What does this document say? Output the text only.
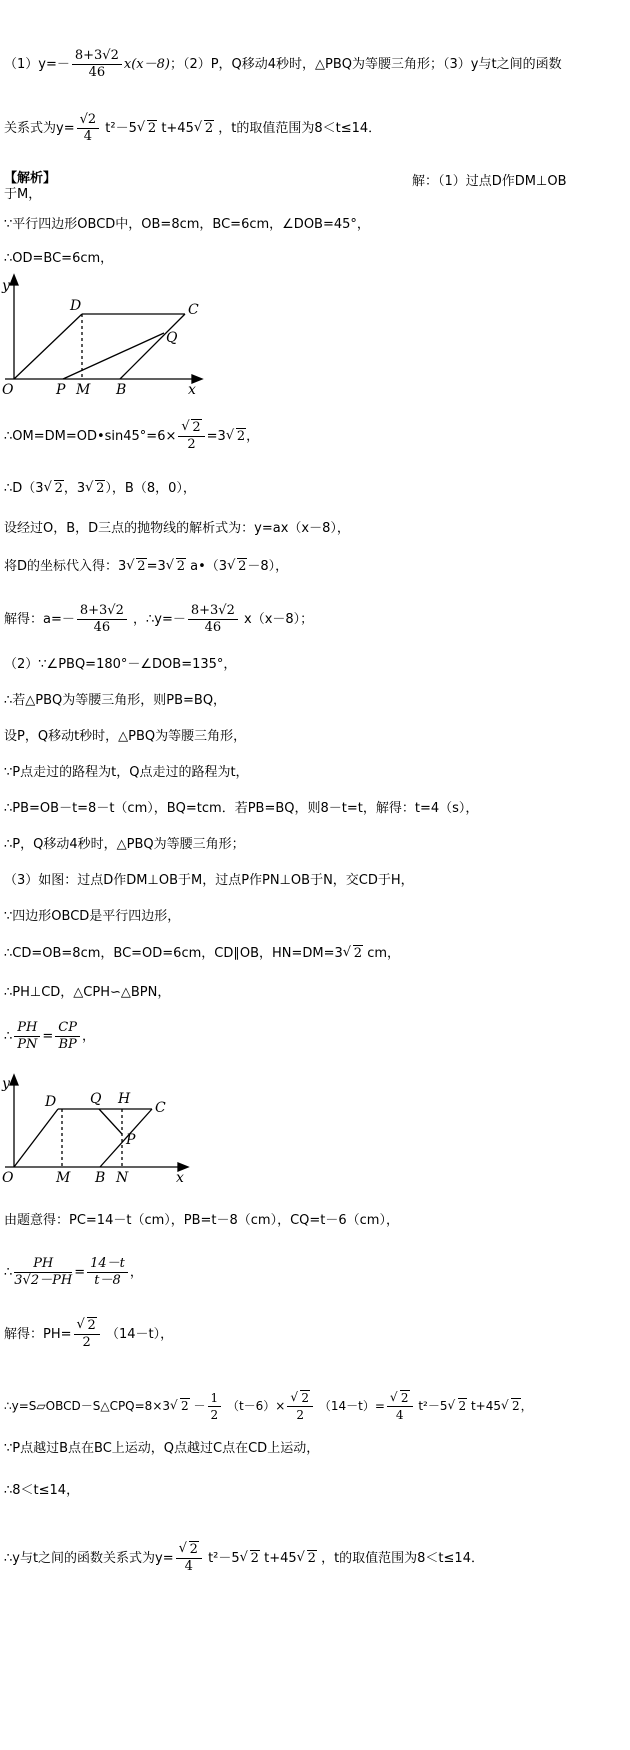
$(1)y=- \frac{8+3√2}{46} x(x-8)$；（2）P，Q移动4秒时，△PBQ为等腰三角形；（3）y与t之间的函数
关系式为$y= \frac{√2}{4} t^2-5√$ 2 t+45√ 2 ，t的取值范围为8＜t≤14．
【解析】	解：（1）过点D作DM⊥OB
于M，
∵平行四边形OBCD中，OB=8cm，BC=6cm，∠DOB=45°，
∴OD=BC=6cm，
y
x
O	P M B
D	C
Q
∴OM=DM=OD•sin45°=6×
√ $\frac{2}{2} =3√$ 2，
∴D（3√ 2，3√ 2），B（8，0），
设经过O，B，D三点的抛物线的解析式为：y=ax（x－8），
将D的坐标代入得：3√ 2=3√ 2 a•（3√ 2－8），
解得：$a=- \frac{8+3√2}{46}$ ，∴y=－ $\frac{8+3√2}{46} x(x-8)$；
（2）∵∠PBQ=180°－∠DOB=135°，
∴若△PBQ为等腰三角形，则PB=BQ，
设P，Q移动t秒时，△PBQ为等腰三角形，
∵P点走过的路程为t，Q点走过的路程为t，
∴PB=OB－t=8－t（cm），BQ=tcm．若PB=BQ，则8－t=t，解得：t=4（s），
∴P，Q移动4秒时，△PBQ为等腰三角形；
（3）如图：过点D作DM⊥OB于M，过点P作PN⊥OB于N，交CD于H，
∵四边形OBCD是平行四边形，
∴CD=OB=8cm，BC=OD=6cm，CD∥OB，HN=DM=3√ 2 cm，
∴PH⊥CD，△CPH∽△BPN，
∴ $\frac{PH}{PN} = \frac{CP}{BP}$ ，
y
x
O	M B N
D Q H
C
P
由题意得：PC=14－t（cm），PB=t－8（cm），CQ=t－6（cm），
∴ $\frac{PH}{3√2-PH} = \frac{14-t}{t-8}$ ，
解得：PH=
√ $\frac{2}{2} (14-t)$，
∴y=S▱OBCD－S△CPQ=8×3√ $2 - \frac{1}{2} (t-6)\times$
√ $\frac{2}{2} (14-t)=$
√ $\frac{2}{4} t^2-5√$ 2 t+45√ 2，
∵P点越过B点在BC上运动，Q点越过C点在CD上运动，
∴8＜t≤14，
∴y与t之间的函数关系式为y=
√ $\frac{2}{4} t^2-5√$ 2 t+45√ 2 ，t的取值范围为8＜t≤14．
